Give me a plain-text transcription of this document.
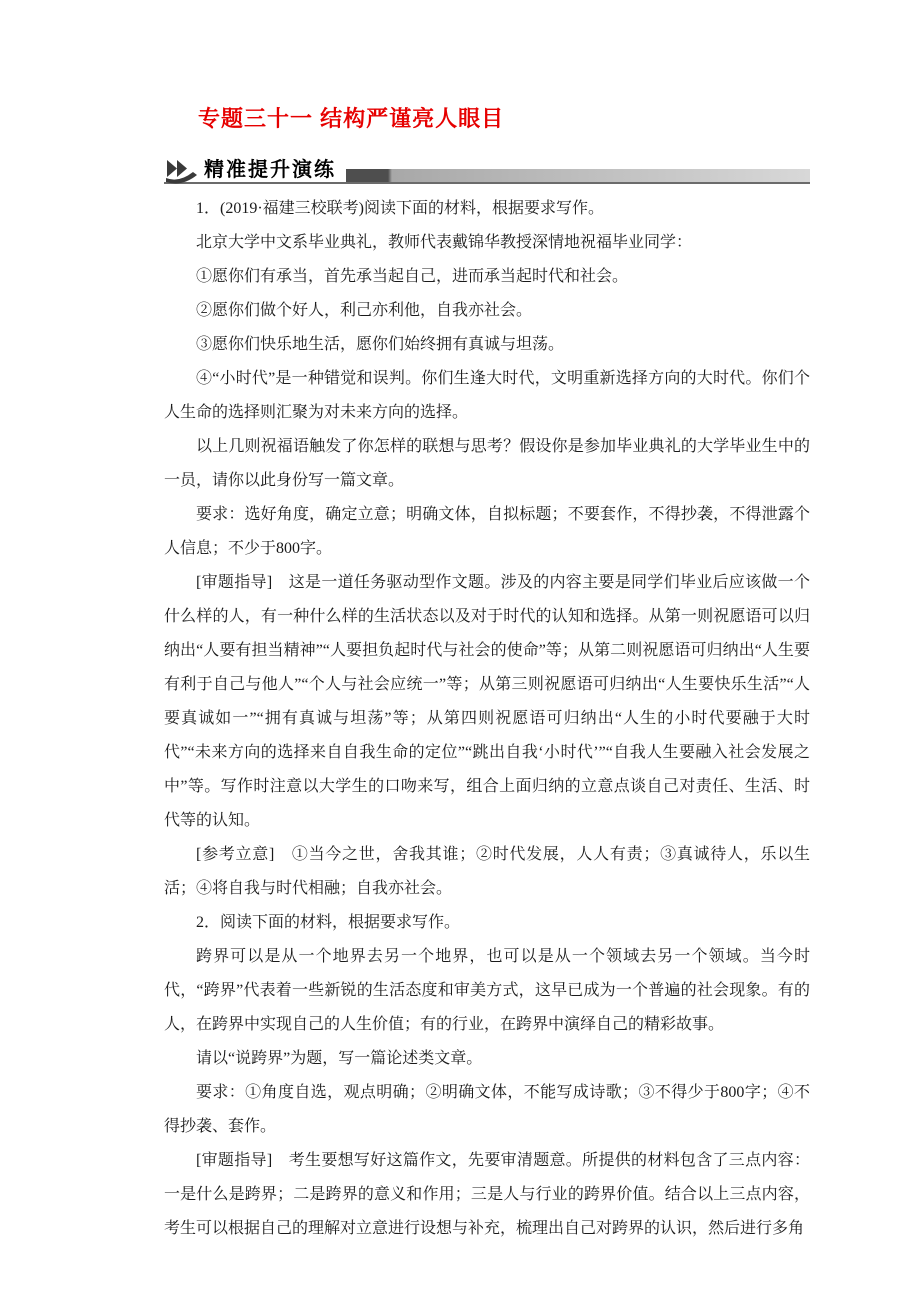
专题三十一 结构严谨亮人眼目
精准提升演练

1．(2019·福建三校联考)阅读下面的材料，根据要求写作。

北京大学中文系毕业典礼，教师代表戴锦华教授深情地祝福毕业同学：

①愿你们有承当，首先承当起自己，进而承当起时代和社会。

②愿你们做个好人，利己亦利他，自我亦社会。

③愿你们快乐地生活，愿你们始终拥有真诚与坦荡。

④“小时代”是一种错觉和误判。你们生逢大时代，文明重新选择方向的大时代。你们个人生命的选择则汇聚为对未来方向的选择。

以上几则祝福语触发了你怎样的联想与思考？假设你是参加毕业典礼的大学毕业生中的一员，请你以此身份写一篇文章。

要求：选好角度，确定立意；明确文体，自拟标题；不要套作，不得抄袭，不得泄露个人信息；不少于800字。

[审题指导]　这是一道任务驱动型作文题。涉及的内容主要是同学们毕业后应该做一个什么样的人，有一种什么样的生活状态以及对于时代的认知和选择。从第一则祝愿语可以归纳出“人要有担当精神”“人要担负起时代与社会的使命”等；从第二则祝愿语可归纳出“人生要有利于自己与他人”“个人与社会应统一”等；从第三则祝愿语可归纳出“人生要快乐生活”“人要真诚如一”“拥有真诚与坦荡”等；从第四则祝愿语可归纳出“人生的小时代要融于大时代”“未来方向的选择来自自我生命的定位”“跳出自我‘小时代’”“自我人生要融入社会发展之中”等。写作时注意以大学生的口吻来写，组合上面归纳的立意点谈自己对责任、生活、时代等的认知。

[参考立意]　①当今之世，舍我其谁；②时代发展，人人有责；③真诚待人，乐以生活；④将自我与时代相融；自我亦社会。

2．阅读下面的材料，根据要求写作。

跨界可以是从一个地界去另一个地界，也可以是从一个领域去另一个领域。当今时代，“跨界”代表着一些新锐的生活态度和审美方式，这早已成为一个普遍的社会现象。有的人，在跨界中实现自己的人生价值；有的行业，在跨界中演绎自己的精彩故事。

请以“说跨界”为题，写一篇论述类文章。

要求：①角度自选，观点明确；②明确文体，不能写成诗歌；③不得少于800字；④不得抄袭、套作。

[审题指导]　考生要想写好这篇作文，先要审清题意。所提供的材料包含了三点内容：一是什么是跨界；二是跨界的意义和作用；三是人与行业的跨界价值。结合以上三点内容，考生可以根据自己的理解对立意进行设想与补充，梳理出自己对跨界的认识，然后进行多角
